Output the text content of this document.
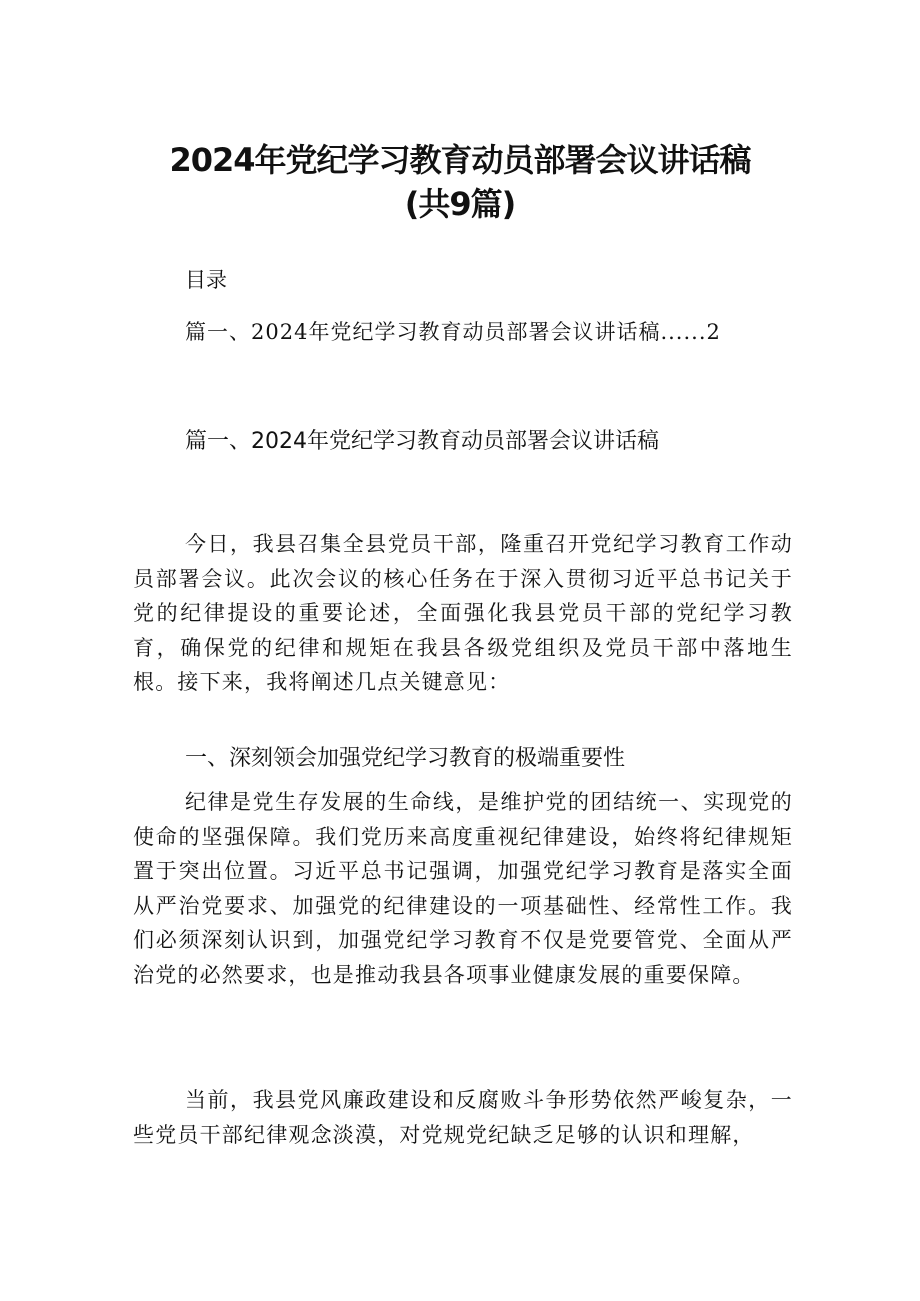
2024年党纪学习教育动员部署会议讲话稿
(共9篇)
目录
篇一、2024年党纪学习教育动员部署会议讲话稿......2
篇一、2024年党纪学习教育动员部署会议讲话稿

今日，我县召集全县党员干部，隆重召开党纪学习教育工作动员部署会议。此次会议的核心任务在于深入贯彻习近平总书记关于党的纪律提设的重要论述，全面强化我县党员干部的党纪学习教育，确保党的纪律和规矩在我县各级党组织及党员干部中落地生根。接下来，我将阐述几点关键意见：

一、深刻领会加强党纪学习教育的极端重要性

纪律是党生存发展的生命线，是维护党的团结统一、实现党的使命的坚强保障。我们党历来高度重视纪律建设，始终将纪律规矩置于突出位置。习近平总书记强调，加强党纪学习教育是落实全面从严治党要求、加强党的纪律建设的一项基础性、经常性工作。我们必须深刻认识到，加强党纪学习教育不仅是党要管党、全面从严治党的必然要求，也是推动我县各项事业健康发展的重要保障。

当前，我县党风廉政建设和反腐败斗争形势依然严峻复杂，一些党员干部纪律观念淡漠，对党规党纪缺乏足够的认识和理解，
